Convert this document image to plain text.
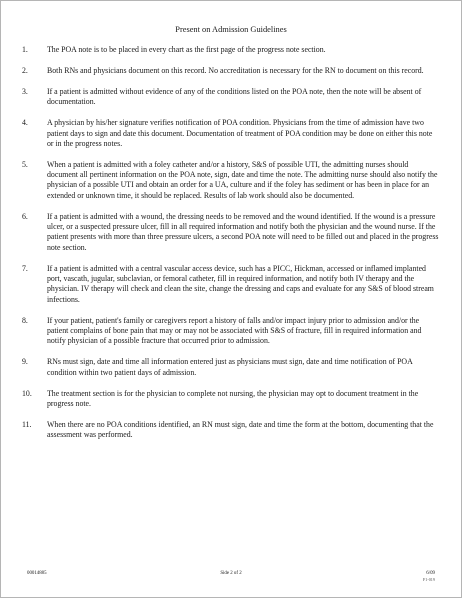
Present on Admission Guidelines
1. The POA note is to be placed in every chart as the first page of the progress note section.
2. Both RNs and physicians document on this record. No accreditation is necessary for the RN to document on this record.
3. If a patient is admitted without evidence of any of the conditions listed on the POA note, then the note will be absent of documentation.
4. A physician by his/her signature verifies notification of POA condition. Physicians from the time of admission have two patient days to sign and date this document. Documentation of treatment of POA condition may be done on either this note or in the progress notes.
5. When a patient is admitted with a foley catheter and/or a history, S&S of possible UTI, the admitting nurses should document all pertinent information on the POA note, sign, date and time the note. The admitting nurse should also notify the physician of a possible UTI and obtain an order for a UA, culture and if the foley has sediment or has been in place for an extended or unknown time, it should be replaced. Results of lab work should also be documented.
6. If a patient is admitted with a wound, the dressing needs to be removed and the wound identified. If the wound is a pressure ulcer, or a suspected pressure ulcer, fill in all required information and notify both the physician and the wound nurse. If the patient presents with more than three pressure ulcers, a second POA note will need to be filled out and placed in the progress note section.
7. If a patient is admitted with a central vascular access device, such has a PICC, Hickman, accessed or inflamed implanted port, vascath, jugular, subclavian, or femoral catheter, fill in required information, and notify both IV therapy and the physician. IV therapy will check and clean the site, change the dressing and caps and evaluate for any S&S of blood stream infections.
8. If your patient, patient's family or caregivers report a history of falls and/or impact injury prior to admission and/or the patient complains of bone pain that may or may not be associated with S&S of fracture, fill in required information and notify physician of a possible fracture that occurred prior to admission.
9. RNs must sign, date and time all information entered just as physicians must sign, date and time notification of POA condition within two patient days of admission.
10. The treatment section is for the physician to complete not nursing, the physician may opt to document treatment in the progress note.
11. When there are no POA conditions identified, an RN must sign, date and time the form at the bottom, documenting that the assessment was performed.
00014885	Side 2 of 2	6/09
F1-019
